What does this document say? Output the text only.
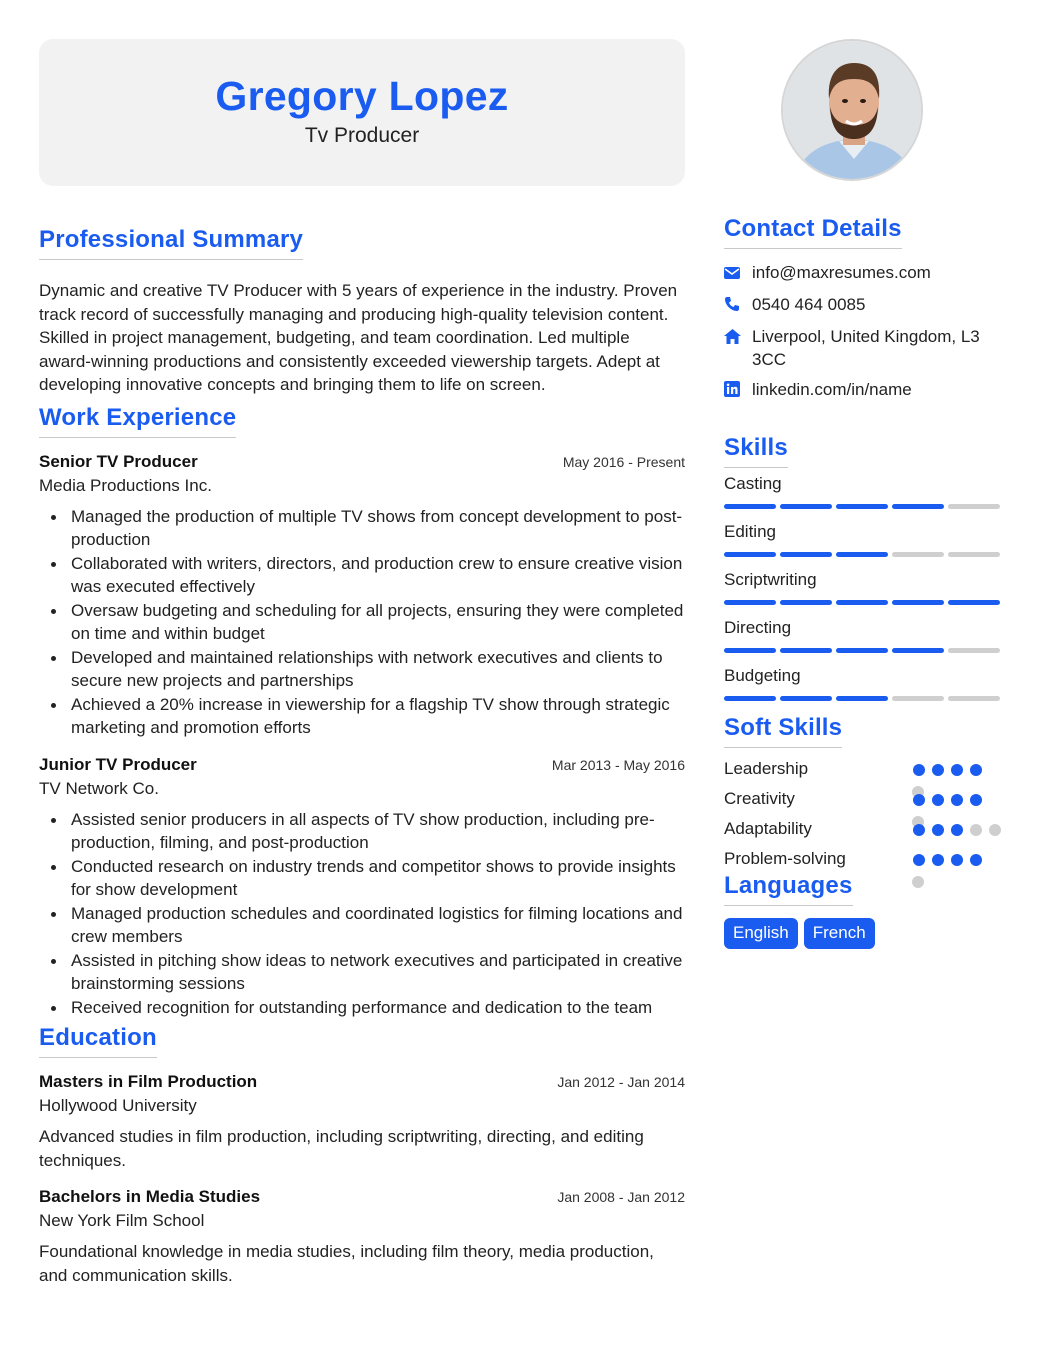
Gregory Lopez
Tv Producer
Professional Summary
Dynamic and creative TV Producer with 5 years of experience in the industry. Proven track record of successfully managing and producing high-quality television content. Skilled in project management, budgeting, and team coordination. Led multiple award-winning productions and consistently exceeded viewership targets. Adept at developing innovative concepts and bringing them to life on screen.
Work Experience
Senior TV Producer	May 2016 - Present
Media Productions Inc.
Managed the production of multiple TV shows from concept development to post-production
Collaborated with writers, directors, and production crew to ensure creative vision was executed effectively
Oversaw budgeting and scheduling for all projects, ensuring they were completed on time and within budget
Developed and maintained relationships with network executives and clients to secure new projects and partnerships
Achieved a 20% increase in viewership for a flagship TV show through strategic marketing and promotion efforts
Junior TV Producer	Mar 2013 - May 2016
TV Network Co.
Assisted senior producers in all aspects of TV show production, including pre-production, filming, and post-production
Conducted research on industry trends and competitor shows to provide insights for show development
Managed production schedules and coordinated logistics for filming locations and crew members
Assisted in pitching show ideas to network executives and participated in creative brainstorming sessions
Received recognition for outstanding performance and dedication to the team
Education
Masters in Film Production	Jan 2012 - Jan 2014
Hollywood University
Advanced studies in film production, including scriptwriting, directing, and editing techniques.
Bachelors in Media Studies	Jan 2008 - Jan 2012
New York Film School
Foundational knowledge in media studies, including film theory, media production, and communication skills.
Contact Details
info@maxresumes.com
0540 464 0085
Liverpool, United Kingdom, L3 3CC
linkedin.com/in/name
Skills
Casting
Editing
Scriptwriting
Directing
Budgeting
Soft Skills
Leadership
Creativity
Adaptability
Problem-solving
Languages
English	French
